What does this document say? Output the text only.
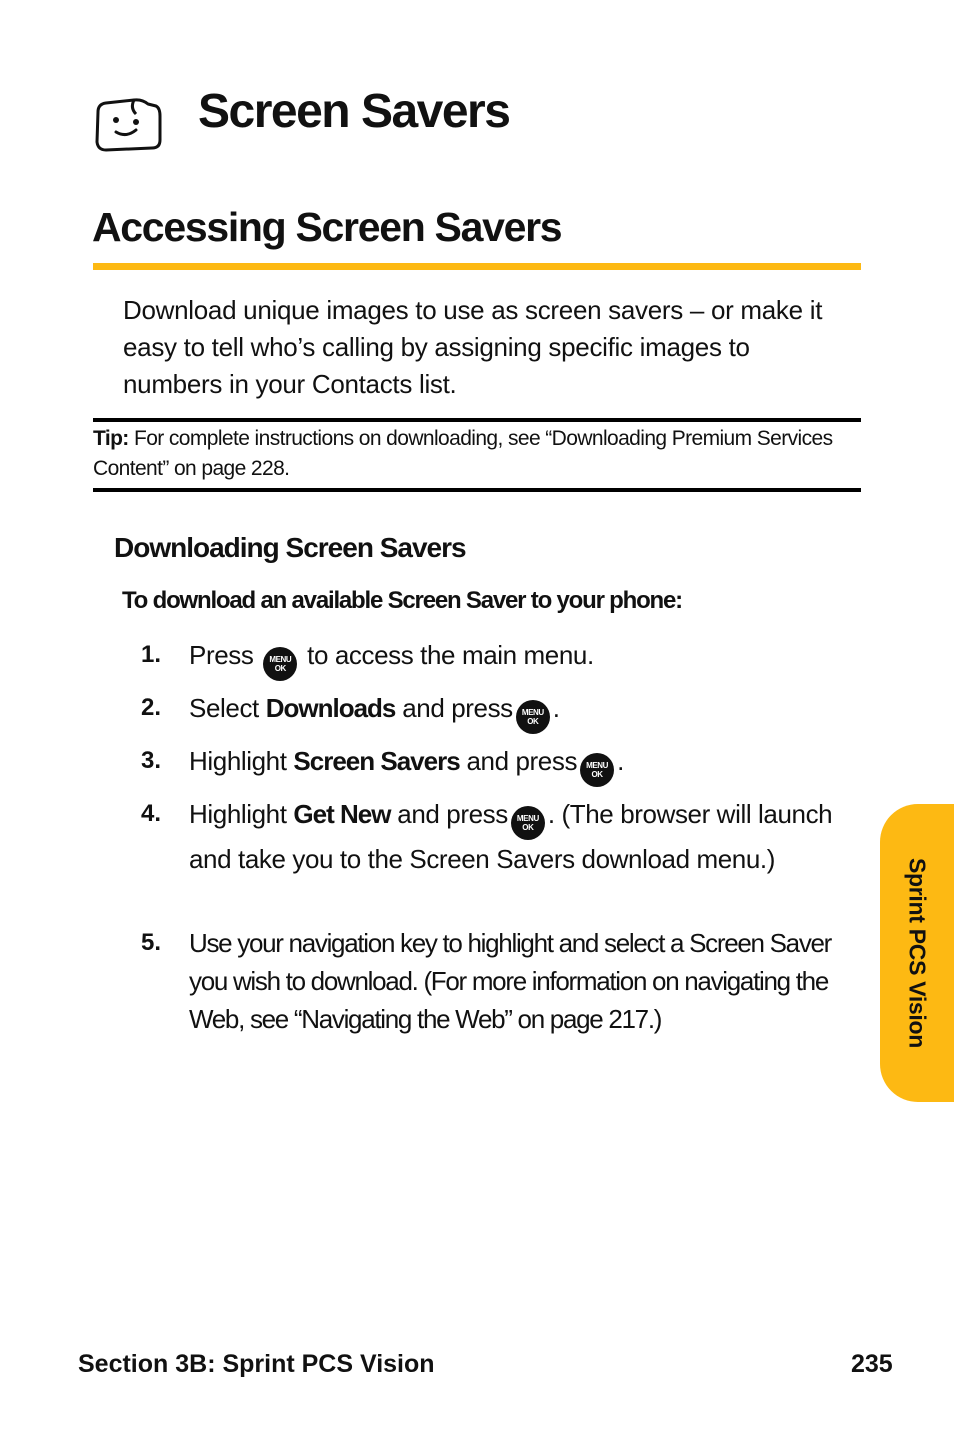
Screen Savers
Accessing Screen Savers
Download unique images to use as screen savers – or make it easy to tell who’s calling by assigning specific images to numbers in your Contacts list.
Tip: For complete instructions on downloading, see “Downloading Premium Services Content” on page 228.
Downloading Screen Savers
To download an available Screen Saver to your phone:
1. Press MENU
OK to access the main menu.
2. Select Downloads and press MENU
OK .
3. Highlight Screen Savers and press MENU
OK .
4. Highlight Get New and press MENU
OK . (The browser will launch and take you to the Screen Savers download menu.)
5. Use your navigation key to highlight and select a Screen Saver you wish to download. (For more information on navigating the Web, see “Navigating the Web” on page 217.)	Sprint PCS Vision
Section 3B: Sprint PCS Vision	235
